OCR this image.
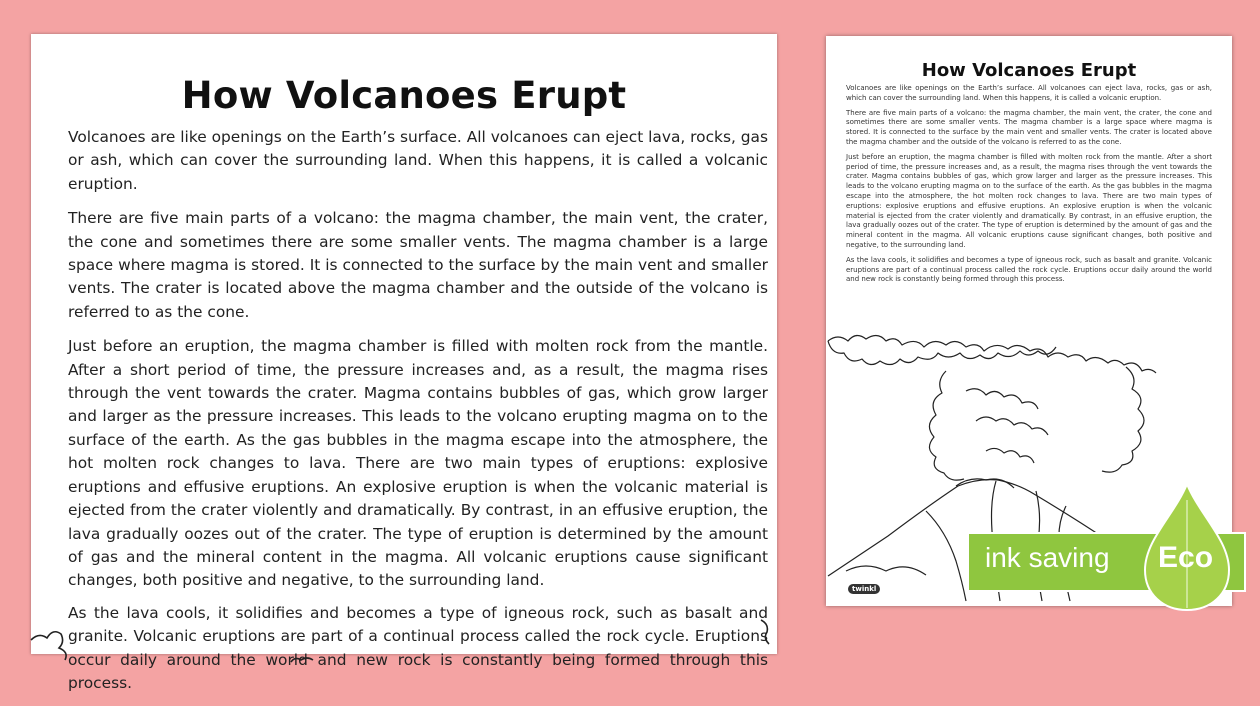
How Volcanoes Erupt

Volcanoes are like openings on the Earth’s surface. All volcanoes can eject lava, rocks, gas or ash, which can cover the surrounding land. When this happens, it is called a volcanic eruption.

There are five main parts of a volcano: the magma chamber, the main vent, the crater, the cone and sometimes there are some smaller vents. The magma chamber is a large space where magma is stored. It is connected to the surface by the main vent and smaller vents. The crater is located above the magma chamber and the outside of the volcano is referred to as the cone.

Just before an eruption, the magma chamber is filled with molten rock from the mantle. After a short period of time, the pressure increases and, as a result, the magma rises through the vent towards the crater. Magma contains bubbles of gas, which grow larger and larger as the pressure increases. This leads to the volcano erupting magma on to the surface of the earth. As the gas bubbles in the magma escape into the atmosphere, the hot molten rock changes to lava. There are two main types of eruptions: explosive eruptions and effusive eruptions. An explosive eruption is when the volcanic material is ejected from the crater violently and dramatically. By contrast, in an effusive eruption, the lava gradually oozes out of the crater. The type of eruption is determined by the amount of gas and the mineral content in the magma. All volcanic eruptions cause significant changes, both positive and negative, to the surrounding land.

As the lava cools, it solidifies and becomes a type of igneous rock, such as basalt and granite. Volcanic eruptions are part of a continual process called the rock cycle. Eruptions occur daily around the world and new rock is constantly being formed through this process.

How Volcanoes Erupt

Volcanoes are like openings on the Earth’s surface. All volcanoes can eject lava, rocks, gas or ash, which can cover the surrounding land. When this happens, it is called a volcanic eruption.

There are five main parts of a volcano: the magma chamber, the main vent, the crater, the cone and sometimes there are some smaller vents. The magma chamber is a large space where magma is stored. It is connected to the surface by the main vent and smaller vents. The crater is located above the magma chamber and the outside of the volcano is referred to as the cone.

Just before an eruption, the magma chamber is filled with molten rock from the mantle. After a short period of time, the pressure increases and, as a result, the magma rises through the vent towards the crater. Magma contains bubbles of gas, which grow larger and larger as the pressure increases. This leads to the volcano erupting magma on to the surface of the earth. As the gas bubbles in the magma escape into the atmosphere, the hot molten rock changes to lava. There are two main types of eruptions: explosive eruptions and effusive eruptions. An explosive eruption is when the volcanic material is ejected from the crater violently and dramatically. By contrast, in an effusive eruption, the lava gradually oozes out of the crater. The type of eruption is determined by the amount of gas and the mineral content in the magma. All volcanic eruptions cause significant changes, both positive and negative, to the surrounding land.

As the lava cools, it solidifies and becomes a type of igneous rock, such as basalt and granite. Volcanic eruptions are part of a continual process called the rock cycle. Eruptions occur daily around the world and new rock is constantly being formed through this process.

twinkl
ink saving Eco
